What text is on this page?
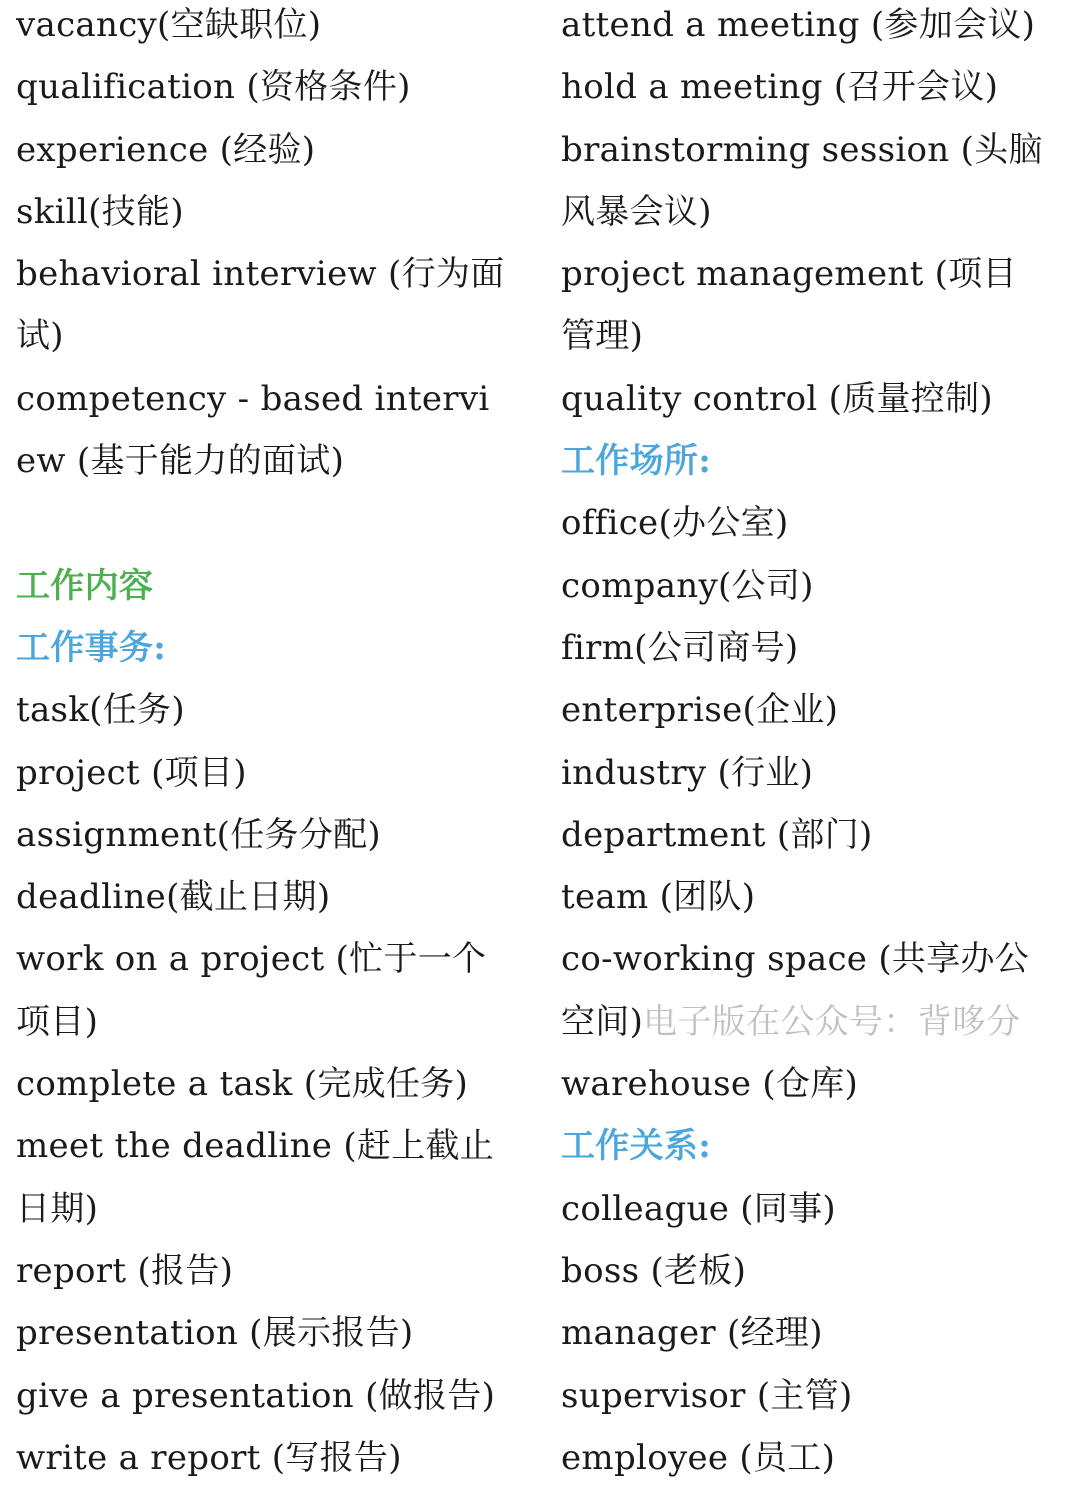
vacancy(空缺职位)
qualification (资格条件)
experience (经验)
skill(技能)
behavioral interview (行为面
试)
competency - based intervi
ew (基于能力的面试)
工作内容
工作事务:
task(任务)
project (项目)
assignment(任务分配)
deadline(截止日期)
work on a project (忙于一个
项目)
complete a task (完成任务)
meet the deadline (赶上截止
日期)
report (报告)
presentation (展示报告)
give a presentation (做报告)
write a report (写报告)
attend a meeting (参加会议)
hold a meeting (召开会议)
brainstorming session (头脑
风暴会议)
project management (项目
管理)
quality control (质量控制)
工作场所:
office(办公室)
company(公司)
firm(公司商号)
enterprise(企业)
industry (行业)
department (部门)
team (团队)
co-working space (共享办公
空间)电子版在公众号：背哆分
warehouse (仓库)
工作关系:
colleague (同事)
boss (老板)
manager (经理)
supervisor (主管)
employee (员工)
